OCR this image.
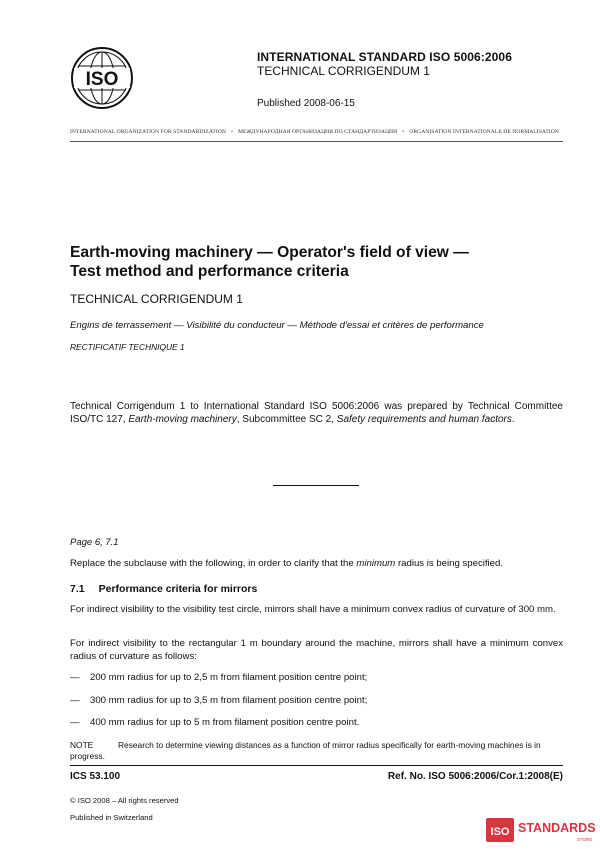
ISO
INTERNATIONAL STANDARD ISO 5006:2006
TECHNICAL CORRIGENDUM 1
Published 2008-06-15
INTERNATIONAL ORGANIZATION FOR STANDARDIZATION • МЕЖДУНАРОДНАЯ ОРГАНИЗАЦИЯ ПО СТАНДАРТИЗАЦИИ • ORGANISATION INTERNATIONALE DE NORMALISATION
Earth-moving machinery — Operator's field of view —
Test method and performance criteria
TECHNICAL CORRIGENDUM 1
Engins de terrassement — Visibilité du conducteur — Méthode d'essai et critères de performance
RECTIFICATIF TECHNIQUE 1
Technical Corrigendum 1 to International Standard ISO 5006:2006 was prepared by Technical Committee ISO/TC 127, Earth-moving machinery, Subcommittee SC 2, Safety requirements and human factors.
Page 6, 7.1
Replace the subclause with the following, in order to clarify that the minimum radius is being specified.
7.1 Performance criteria for mirrors
For indirect visibility to the visibility test circle, mirrors shall have a minimum convex radius of curvature of 300 mm.
For indirect visibility to the rectangular 1 m boundary around the machine, mirrors shall have a minimum convex radius of curvature as follows:
—	200 mm radius for up to 2,5 m from filament position centre point;
—	300 mm radius for up to 3,5 m from filament position centre point;
—	400 mm radius for up to 5 m from filament position centre point.
NOTE	Research to determine viewing distances as a function of mirror radius specifically for earth-moving machines is in progress.
ICS 53.100	Ref. No. ISO 5006:2006/Cor.1:2008(E)
© ISO 2008 – All rights reserved
Published in Switzerland
ISO STANDARDS
STORE
